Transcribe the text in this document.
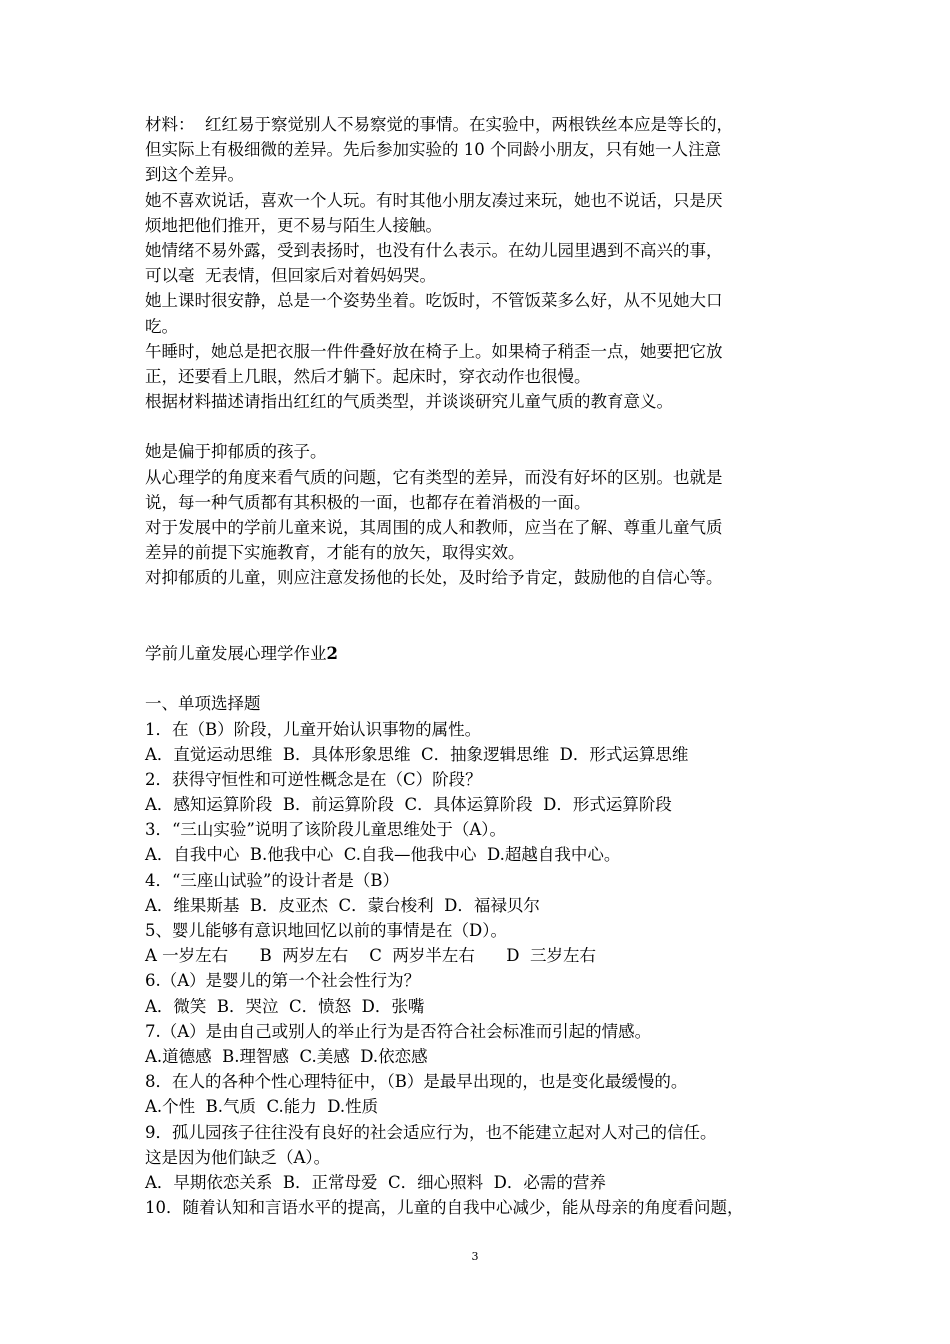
材料：  红红易于察觉别人不易察觉的事情。在实验中，两根铁丝本应是等长的，
但实际上有极细微的差异。先后参加实验的 10 个同龄小朋友，只有她一人注意
到这个差异。
她不喜欢说话，喜欢一个人玩。有时其他小朋友凑过来玩，她也不说话，只是厌
烦地把他们推开，更不易与陌生人接触。
她情绪不易外露，受到表扬时，也没有什么表示。在幼儿园里遇到不高兴的事，
可以毫  无表情，但回家后对着妈妈哭。
她上课时很安静，总是一个姿势坐着。吃饭时，不管饭菜多么好，从不见她大口
吃。
午睡时，她总是把衣服一件件叠好放在椅子上。如果椅子稍歪一点，她要把它放
正，还要看上几眼，然后才躺下。起床时，穿衣动作也很慢。
根据材料描述请指出红红的气质类型，并谈谈研究儿童气质的教育意义。
她是偏于抑郁质的孩子。
从心理学的角度来看气质的问题，它有类型的差异，而没有好坏的区别。也就是
说，每一种气质都有其积极的一面，也都存在着消极的一面。
对于发展中的学前儿童来说，其周围的成人和教师，应当在了解、尊重儿童气质
差异的前提下实施教育，才能有的放矢，取得实效。
对抑郁质的儿童，则应注意发扬他的长处，及时给予肯定，鼓励他的自信心等。
学前儿童发展心理学作业2
一、单项选择题
1．在（B）阶段，儿童开始认识事物的属性。
A．直觉运动思维  B．具体形象思维  C．抽象逻辑思维  D．形式运算思维
2．获得守恒性和可逆性概念是在（C）阶段？
A．感知运算阶段  B．前运算阶段  C．具体运算阶段  D．形式运算阶段
3．“三山实验”说明了该阶段儿童思维处于（A）。
A．自我中心  B.他我中心  C.自我—他我中心  D.超越自我中心。
4．“三座山试验”的设计者是（B）
A．维果斯基  B．皮亚杰  C．蒙台梭利  D．福禄贝尔
5、婴儿能够有意识地回忆以前的事情是在（D）。
A 一岁左右      B  两岁左右    C  两岁半左右      D  三岁左右
6.（A）是婴儿的第一个社会性行为？
A．微笑  B．哭泣  C．愤怒  D．张嘴
7.（A）是由自己或别人的举止行为是否符合社会标准而引起的情感。
A.道德感  B.理智感  C.美感  D.依恋感
8．在人的各种个性心理特征中，（B）是最早出现的，也是变化最缓慢的。
A.个性  B.气质  C.能力  D.性质
9．孤儿园孩子往往没有良好的社会适应行为，也不能建立起对人对己的信任。
这是因为他们缺乏（A）。
A．早期依恋关系  B．正常母爱  C．细心照料  D．必需的营养
10．随着认知和言语水平的提高，儿童的自我中心减少，能从母亲的角度看问题，
3
